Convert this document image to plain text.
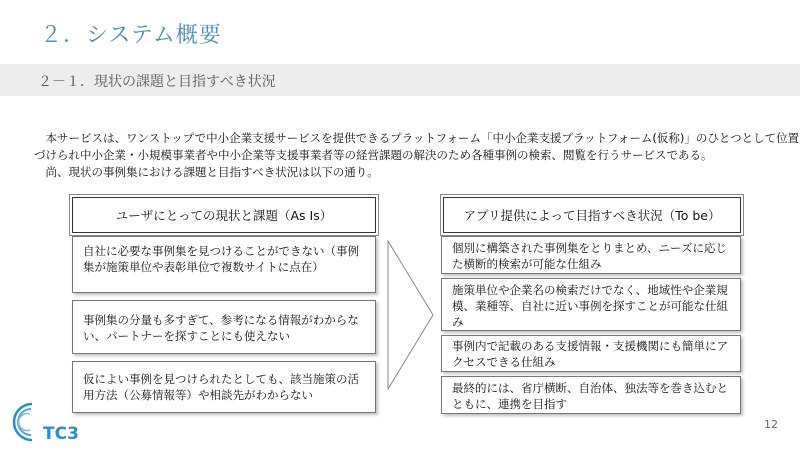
２．システム概要
２－１．現状の課題と目指すべき状況

　本サービスは、ワンストップで中小企業支援サービスを提供できるプラットフォーム「中小企業支援プラットフォーム(仮称)」のひとつとして位置

づけられ中小企業・小規模事業者や中小企業等支援事業者等の経営課題の解決のため各種事例の検索、閲覧を行うサービスである。

　尚、現状の事例集における課題と目指すべき状況は以下の通り。

ユーザにとっての現状と課題（As Is）
自社に必要な事例集を見つけることができない（事例集が施策単位や表彰単位で複数サイトに点在）
事例集の分量も多すぎて、参考になる情報がわからない、パートナーを探すことにも使えない
仮によい事例を見つけられたとしても、該当施策の活用方法（公募情報等）や相談先がわからない
アプリ提供によって目指すべき状況（To be）
個別に構築された事例集をとりまとめ、ニーズに応じた横断的検索が可能な仕組み
施策単位や企業名の検索だけでなく、地域性や企業規模、業種等、自社に近い事例を探すことが可能な仕組み
事例内で記載のある支援情報・支援機関にも簡単にアクセスできる仕組み
最終的には、省庁横断、自治体、独法等を巻き込むとともに、連携を目指す
TC3	12
